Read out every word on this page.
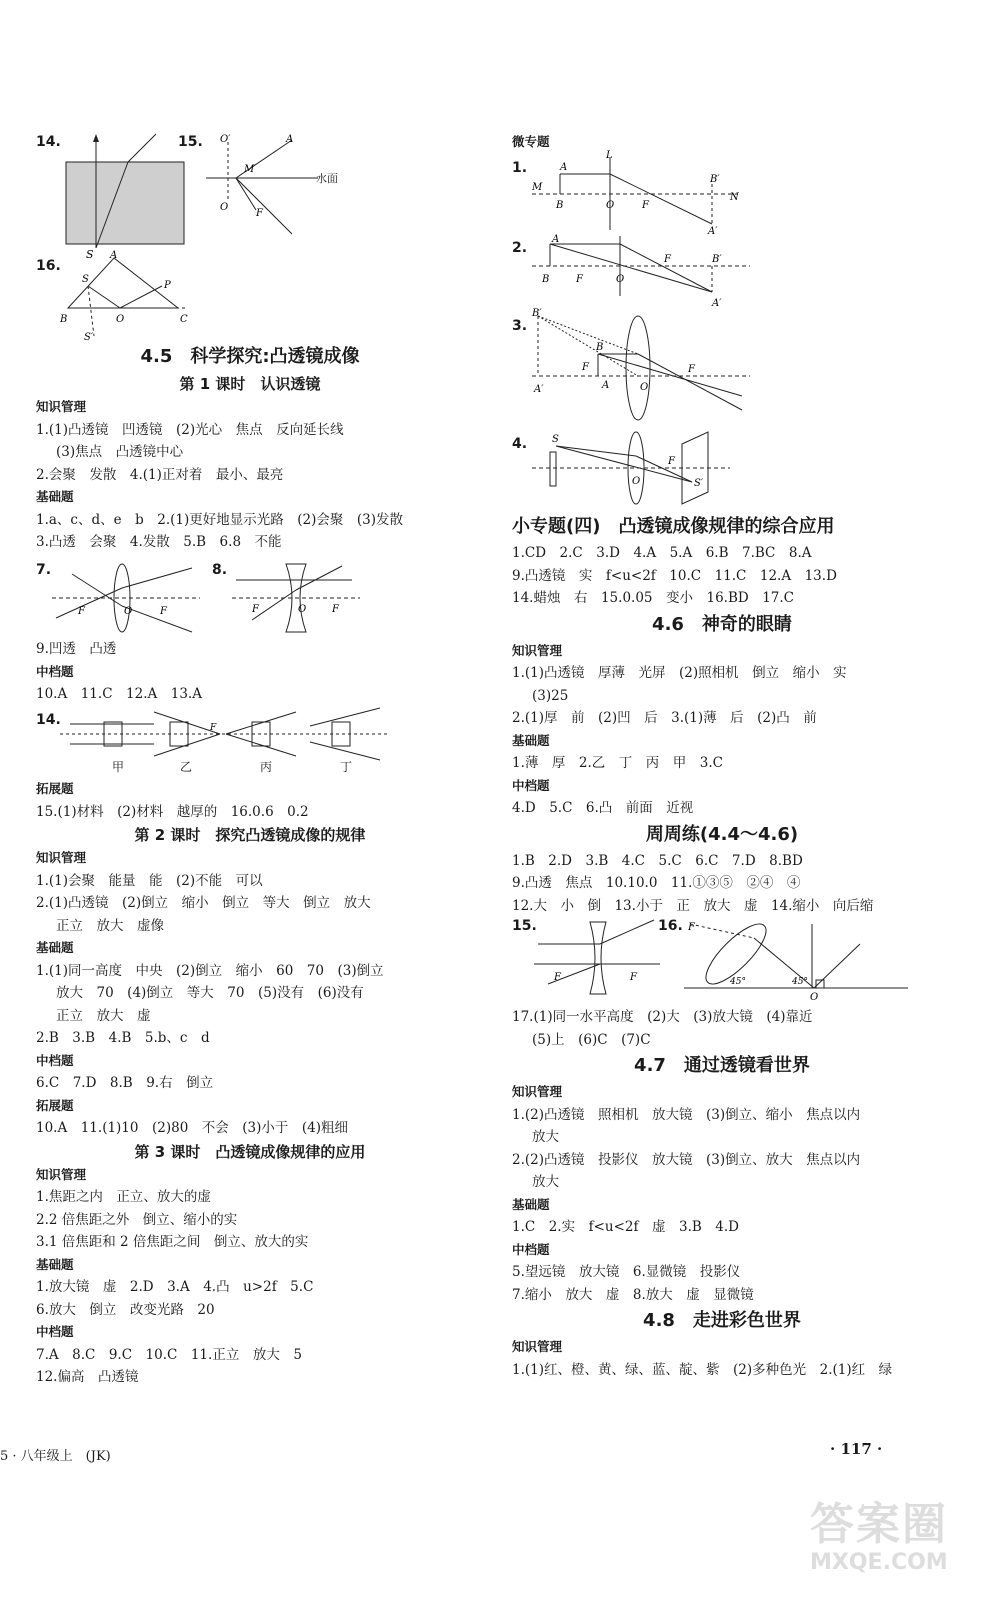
14.
S
15. O′	A
M
O
F
水面
16.
A
S
B	O	C
P
S′
4.5　科学探究:凸透镜成像
第 1 课时　认识透镜
知识管理
1.(1)凸透镜　凹透镜　(2)光心　焦点　反向延长线
(3)焦点　凸透镜中心
2.会聚　发散　4.(1)正对着　最小、最亮
基础题
1.a、c、d、e　b　2.(1)更好地显示光路　(2)会聚　(3)发散
3.凸透　会聚　4.发散　5.B　6.8　不能
7.
F	O	F
8.
F	O	F
9.凹透　凸透
中档题
10.A　11.C　12.A　13.A
14.	F
甲	乙	丙	丁
拓展题
15.(1)材料　(2)材料　越厚的　16.0.6　0.2
第 2 课时　探究凸透镜成像的规律
知识管理
1.(1)会聚　能量　能　(2)不能　可以
2.(1)凸透镜　(2)倒立　缩小　倒立　等大　倒立　放大
正立　放大　虚像
基础题
1.(1)同一高度　中央　(2)倒立　缩小　60　70　(3)倒立
放大　70　(4)倒立　等大　70　(5)没有　(6)没有
正立　放大　虚
2.B　3.B　4.B　5.b、c　d
中档题
6.C　7.D　8.B　9.右　倒立
拓展题
10.A　11.(1)10　(2)80　不会　(3)小于　(4)粗细
第 3 课时　凸透镜成像规律的应用
知识管理
1.焦距之内　正立、放大的虚
2.2 倍焦距之外　倒立、缩小的实
3.1 倍焦距和 2 倍焦距之间　倒立、放大的实
基础题
1.放大镜　虚　2.D　3.A　4.凸　u>2f　5.C
6.放大　倒立　改变光路　20
中档题
7.A　8.C　9.C　10.C　11.正立　放大　5
12.偏高　凸透镜
微专题
1.
M
A
B
L
O	F
B′
N
A′
2.
A
B	F	O
F	B′
A′
3.
B′
B
F
A	O
F
A′
4. S
O
F
S′
小专题(四)　凸透镜成像规律的综合应用
1.CD　2.C　3.D　4.A　5.A　6.B　7.BC　8.A
9.凸透镜　实　f<u<2f　10.C　11.C　12.A　13.D
14.蜡烛　右　15.0.05　变小　16.BD　17.C
4.6　神奇的眼睛
知识管理
1.(1)凸透镜　厚薄　光屏　(2)照相机　倒立　缩小　实
(3)25
2.(1)厚　前　(2)凹　后　3.(1)薄　后　(2)凸　前
基础题
1.薄　厚　2.乙　丁　丙　甲　3.C
中档题
4.D　5.C　6.凸　前面　近视
周周练(4.4～4.6)
1.B　2.D　3.B　4.C　5.C　6.C　7.D　8.BD
9.凸透　焦点　10.10.0　11.①③⑤　②④　④
12.大　小　倒　13.小于　正　放大　虚　14.缩小　向后缩
15.
F	F
16. F
45°	45°
O
17.(1)同一水平高度　(2)大　(3)放大镜　(4)靠近
(5)上　(6)C　(7)C
4.7　通过透镜看世界
知识管理
1.(2)凸透镜　照相机　放大镜　(3)倒立、缩小　焦点以内
放大
2.(2)凸透镜　投影仪　放大镜　(3)倒立、放大　焦点以内
放大
基础题
1.C　2.实　f<u<2f　虚　3.B　4.D
中档题
5.望远镜　放大镜　6.显微镜　投影仪
7.缩小　放大　虚　8.放大　虚　显微镜
4.8　走进彩色世界
知识管理
1.(1)红、橙、黄、绿、蓝、靛、紫　(2)多种色光　2.(1)红　绿
5 · 八年级上　(JK)	· 117 ·
答案圈
MXQE.COM
